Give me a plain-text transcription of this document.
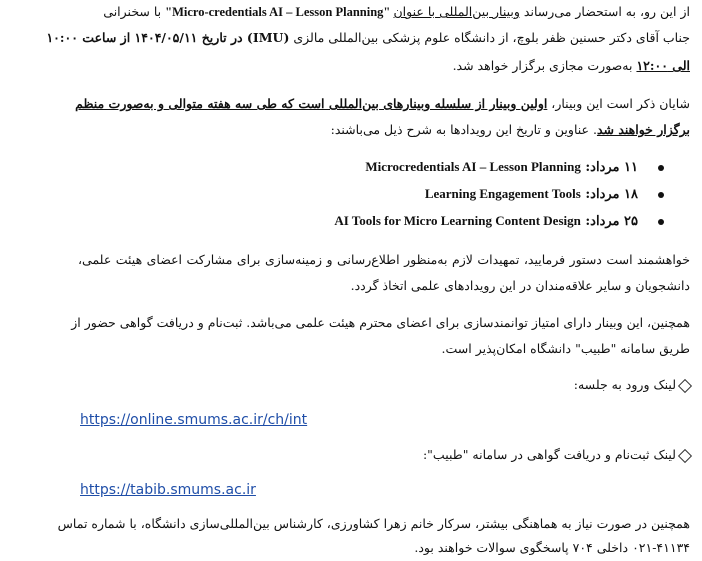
از این رو، به استحضار می‌رساند وبینار بین‌المللی با عنوان "Micro-credentials AI – Lesson Planning" با سخنرانی
جناب آقای دکتر حسنین ظفر بلوچ، از دانشگاه علوم پزشکی بین‌المللی مالزی (IMU) در تاریخ ۱۴۰۴/۰۵/۱۱ از ساعت ۱۰:۰۰
الی ۱۲:۰۰ به‌صورت مجازی برگزار خواهد شد.
شایان ذکر است این وبینار، اولین وبینار از سلسله وبینارهای بین‌المللی است که طی سه هفته متوالی و به‌صورت منظم
برگزار خواهند شد. عناوین و تاریخ این رویدادها به شرح ذیل می‌باشند:
۱۱ مرداد: Microcredentials AI – Lesson Planning
۱۸ مرداد: Learning Engagement Tools
۲۵ مرداد: AI Tools for Micro Learning Content Design
خواهشمند است دستور فرمایید، تمهیدات لازم به‌منظور اطلاع‌رسانی و زمینه‌سازی برای مشارکت اعضای هیئت علمی،
دانشجویان و سایر علاقه‌مندان در این رویدادهای علمی اتخاذ گردد.
همچنین، این وبینار دارای امتیاز توانمندسازی برای اعضای محترم هیئت علمی می‌باشد. ثبت‌نام و دریافت گواهی حضور از
طریق سامانه "طبیب" دانشگاه امکان‌پذیر است.
لینک ورود به جلسه:
https://online.smums.ac.ir/ch/int
لینک ثبت‌نام و دریافت گواهی در سامانه "طبیب":
https://tabib.smums.ac.ir
همچنین در صورت نیاز به هماهنگی بیشتر، سرکار خانم زهرا کشاورزی، کارشناس بین‌المللی‌سازی دانشگاه، با شماره تماس
۰۲۱-۴۱۱۳۴ داخلی ۷۰۴ پاسخگوی سوالات خواهند بود.
